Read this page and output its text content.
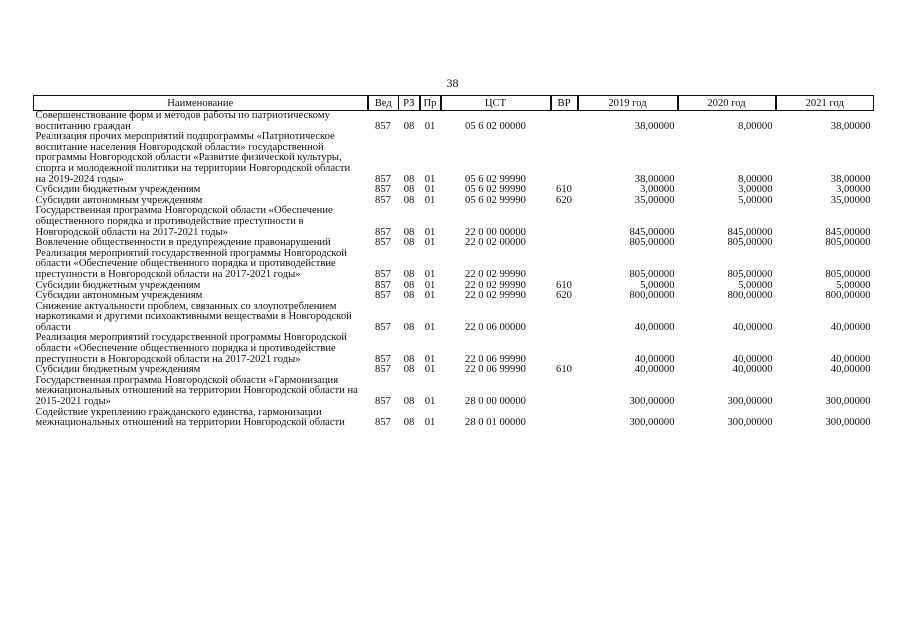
38
Наименование	Вед	РЗ	Пр	ЦСТ	ВР	2019 год	2020 год	2021 год
Совершенствование форм и методов работы по патриотическому воспитанию граждан	857	08	01	05 6 02 00000		38,00000	8,00000	38,00000
Реализация прочих мероприятий подпрограммы «Патриотическое воспитание населения Новгородской области» государственной программы Новгородской области «Развитие физической культуры, спорта и молодежной политики на территории Новгородской области на 2019-2024 годы»	857	08	01	05 6 02 99990		38,00000	8,00000	38,00000
Субсидии бюджетным учреждениям	857	08	01	05 6 02 99990	610	3,00000	3,00000	3,00000
Субсидии автономным учреждениям	857	08	01	05 6 02 99990	620	35,00000	5,00000	35,00000
Государственная программа Новгородской области «Обеспечение общественного порядка и противодействие преступности в Новгородской области на 2017-2021 годы»	857	08	01	22 0 00 00000		845,00000	845,00000	845,00000
Вовлечение общественности в предупреждение правонарушений	857	08	01	22 0 02 00000		805,00000	805,00000	805,00000
Реализация мероприятий государственной программы Новгородской области «Обеспечение общественного порядка и противодействие преступности в Новгородской области на 2017-2021 годы»	857	08	01	22 0 02 99990		805,00000	805,00000	805,00000
Субсидии бюджетным учреждениям	857	08	01	22 0 02 99990	610	5,00000	5,00000	5,00000
Субсидии автономным учреждениям	857	08	01	22 0 02 99990	620	800,00000	800,00000	800,00000
Снижение актуальности проблем, связанных со злоупотреблением наркотиками и другими психоактивными веществами в Новгородской области	857	08	01	22 0 06 00000		40,00000	40,00000	40,00000
Реализация мероприятий государственной программы Новгородской области «Обеспечение общественного порядка и противодействие преступности в Новгородской области на 2017-2021 годы»	857	08	01	22 0 06 99990		40,00000	40,00000	40,00000
Субсидии бюджетным учреждениям	857	08	01	22 0 06 99990	610	40,00000	40,00000	40,00000
Государственная программа Новгородской области «Гармонизация межнациональных отношений на территории Новгородской области на 2015-2021 годы»	857	08	01	28 0 00 00000		300,00000	300,00000	300,00000
Содействие укреплению гражданского единства, гармонизации межнациональных отношений на территории Новгородской области	857	08	01	28 0 01 00000		300,00000	300,00000	300,00000
